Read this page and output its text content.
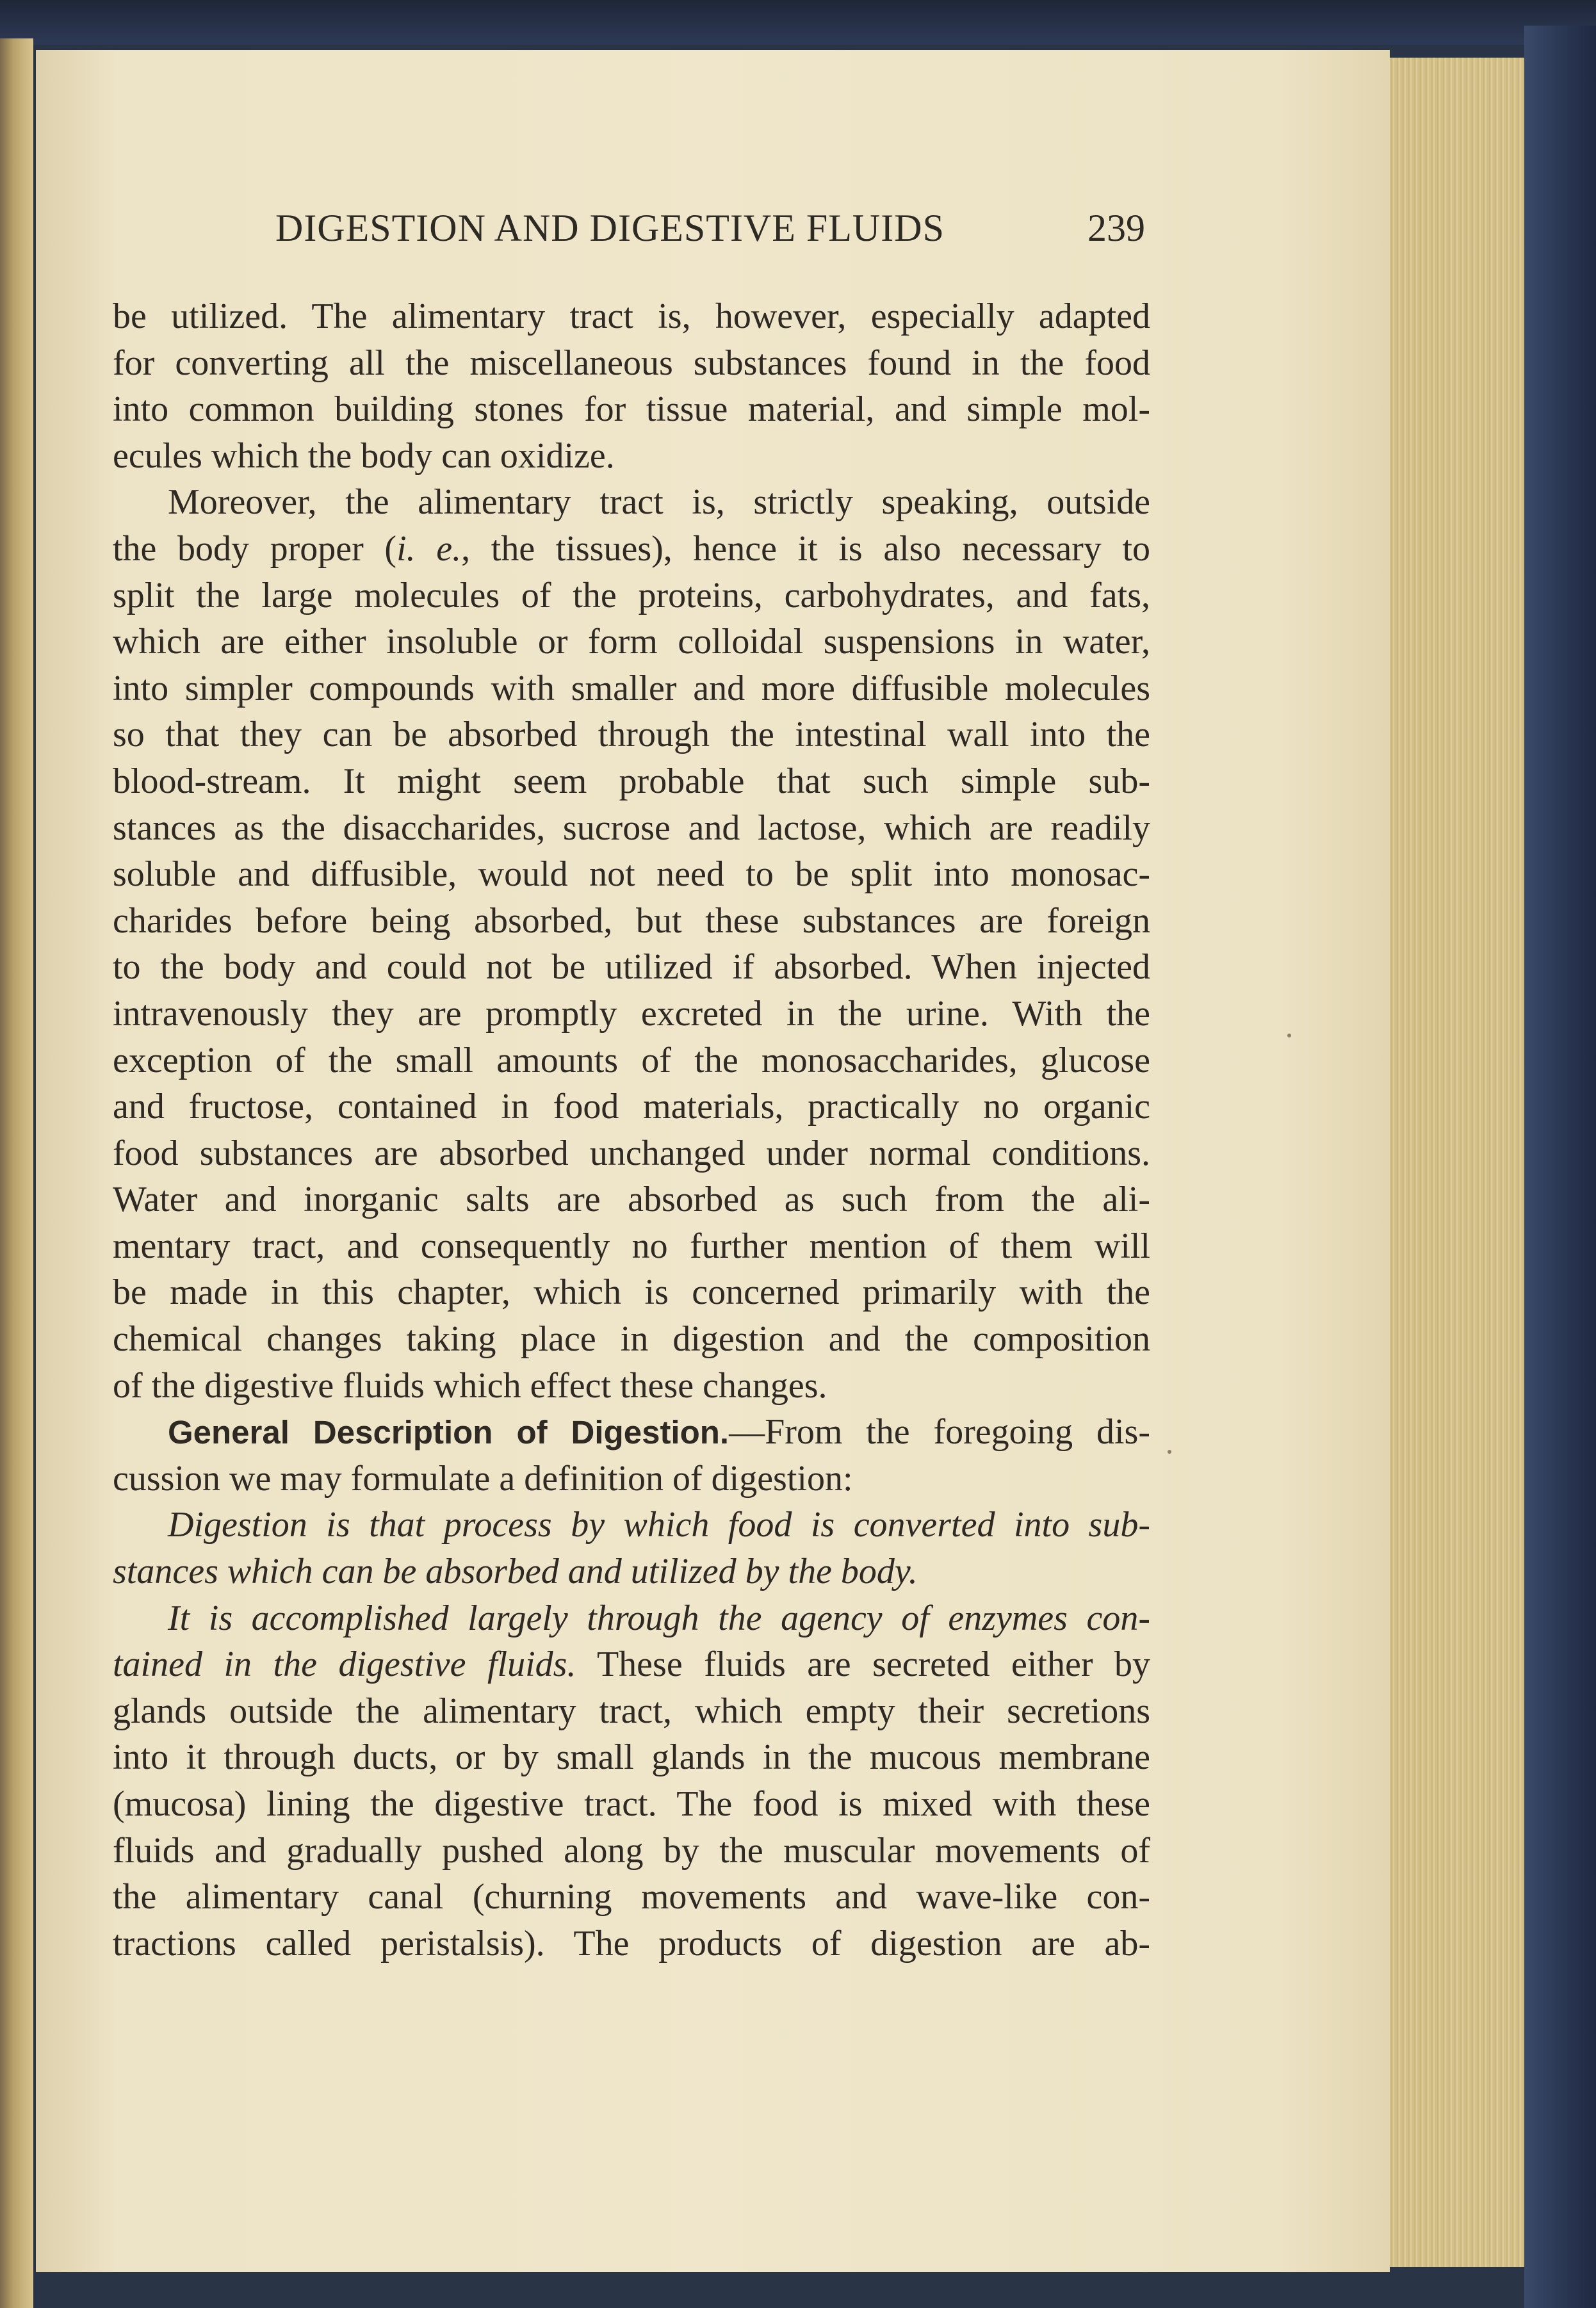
DIGESTION AND DIGESTIVE FLUIDS	239
be utilized. The alimentary tract is, however, especially adapted
for converting all the miscellaneous substances found in the food
into common building stones for tissue material, and simple mol-
ecules which the body can oxidize.
Moreover, the alimentary tract is, strictly speaking, outside
the body proper (i. e., the tissues), hence it is also necessary to
split the large molecules of the proteins, carbohydrates, and fats,
which are either insoluble or form colloidal suspensions in water,
into simpler compounds with smaller and more diffusible molecules
so that they can be absorbed through the intestinal wall into the
blood-stream. It might seem probable that such simple sub-
stances as the disaccharides, sucrose and lactose, which are readily
soluble and diffusible, would not need to be split into monosac-
charides before being absorbed, but these substances are foreign
to the body and could not be utilized if absorbed. When injected
intravenously they are promptly excreted in the urine. With the
exception of the small amounts of the monosaccharides, glucose
and fructose, contained in food materials, practically no organic
food substances are absorbed unchanged under normal conditions.
Water and inorganic salts are absorbed as such from the ali-
mentary tract, and consequently no further mention of them will
be made in this chapter, which is concerned primarily with the
chemical changes taking place in digestion and the composition
of the digestive fluids which effect these changes.
General Description of Digestion.—From the foregoing dis-
cussion we may formulate a definition of digestion:
Digestion is that process by which food is converted into sub-
stances which can be absorbed and utilized by the body.
It is accomplished largely through the agency of enzymes con-
tained in the digestive fluids. These fluids are secreted either by
glands outside the alimentary tract, which empty their secretions
into it through ducts, or by small glands in the mucous membrane
(mucosa) lining the digestive tract. The food is mixed with these
fluids and gradually pushed along by the muscular movements of
the alimentary canal (churning movements and wave-like con-
tractions called peristalsis). The products of digestion are ab-
